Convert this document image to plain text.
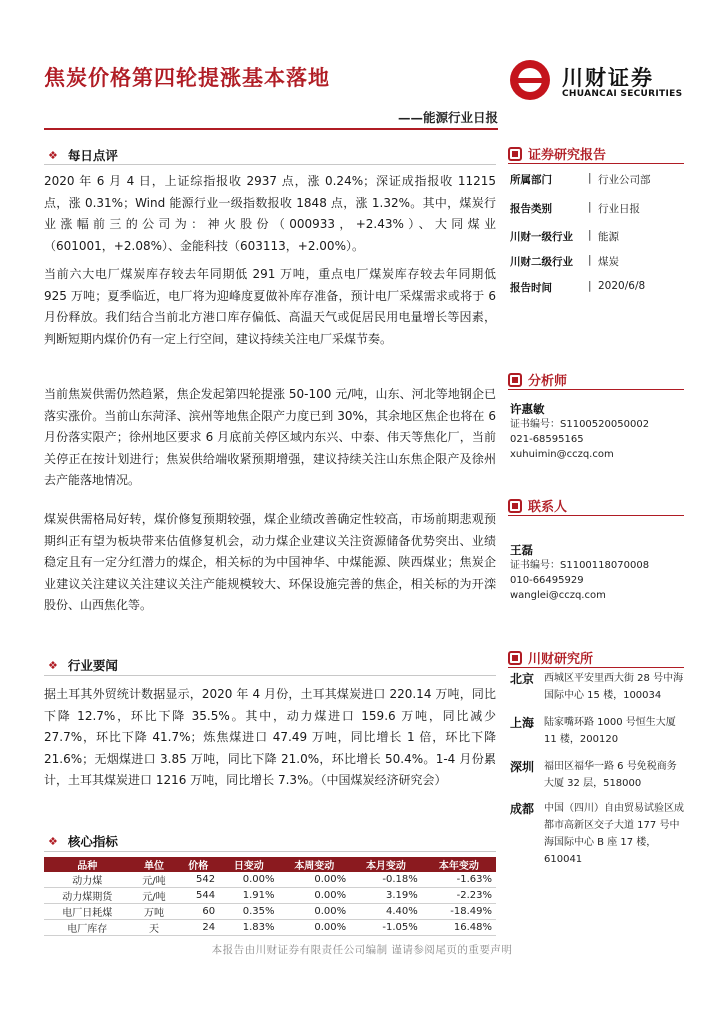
焦炭价格第四轮提涨基本落地
——能源行业日报
川财证券
CHUANCAI SECURITIES
❖ 每日点评
2020 年 6 月 4 日，上证综指报收 2937 点，涨 0.24%；深证成指报收 11215 点，涨 0.31%；Wind 能源行业一级指数报收 1848 点，涨 1.32%。其中，煤炭行业涨幅前三的公司为：神火股份（000933，+2.43%）、大同煤业（601001，+2.08%）、金能科技（603113，+2.00%）。
当前六大电厂煤炭库存较去年同期低 291 万吨，重点电厂煤炭库存较去年同期低 925 万吨；夏季临近，电厂将为迎峰度夏做补库存准备，预计电厂采煤需求或将于 6 月份释放。我们结合当前北方港口库存偏低、高温天气或促居民用电量增长等因素，判断短期内煤价仍有一定上行空间，建议持续关注电厂采煤节奏。
当前焦炭供需仍然趋紧，焦企发起第四轮提涨 50-100 元/吨，山东、河北等地钢企已落实涨价。当前山东菏泽、滨州等地焦企限产力度已到 30%，其余地区焦企也将在 6 月份落实限产；徐州地区要求 6 月底前关停区域内东兴、中泰、伟天等焦化厂，当前关停正在按计划进行；焦炭供给端收紧预期增强，建议持续关注山东焦企限产及徐州去产能落地情况。
煤炭供需格局好转，煤价修复预期较强，煤企业绩改善确定性较高，市场前期悲观预期纠正有望为板块带来估值修复机会，动力煤企业建议关注资源储备优势突出、业绩稳定且有一定分红潜力的煤企，相关标的为中国神华、中煤能源、陕西煤业；焦炭企业建议关注建议关注建议关注产能规模较大、环保设施完善的焦企，相关标的为开滦股份、山西焦化等。
❖ 行业要闻
据土耳其外贸统计数据显示，2020 年 4 月份，土耳其煤炭进口 220.14 万吨，同比下降 12.7%，环比下降 35.5%。其中，动力煤进口 159.6 万吨，同比减少 27.7%，环比下降 41.7%；炼焦煤进口 47.49 万吨，同比增长 1 倍，环比下降 21.6%；无烟煤进口 3.85 万吨，同比下降 21.0%，环比增长 50.4%。1-4 月份累计，土耳其煤炭进口 1216 万吨，同比增长 7.3%。（中国煤炭经济研究会）
❖ 核心指标
品种	单位	价格	日变动	本周变动	本月变动	本年变动
动力煤	元/吨	542	0.00%	0.00%	-0.18%	-1.63%
动力煤期货	元/吨	544	1.91%	0.00%	3.19%	-2.23%
电厂日耗煤	万吨	60	0.35%	0.00%	4.40%	-18.49%
电厂库存	天	24	1.83%	0.00%	-1.05%	16.48%
证券研究报告
所属部门	| 行业公司部
报告类别	| 行业日报
川财一级行业	| 能源
川财二级行业	| 煤炭
报告时间	| 2020/6/8
分析师
许惠敏
证书编号：S1100520050002
021-68595165
xuhuimin@cczq.com
联系人
王磊
证书编号：S1100118070008
010-66495929
wanglei@cczq.com
川财研究所
北京 西城区平安里西大街 28 号中海国际中心 15 楼，100034
上海 陆家嘴环路 1000 号恒生大厦 11 楼，200120
深圳 福田区福华一路 6 号免税商务大厦 32 层，518000
成都 中国（四川）自由贸易试验区成都市高新区交子大道 177 号中海国际中心 B 座 17 楼，610041
本报告由川财证券有限责任公司编制 谨请参阅尾页的重要声明
